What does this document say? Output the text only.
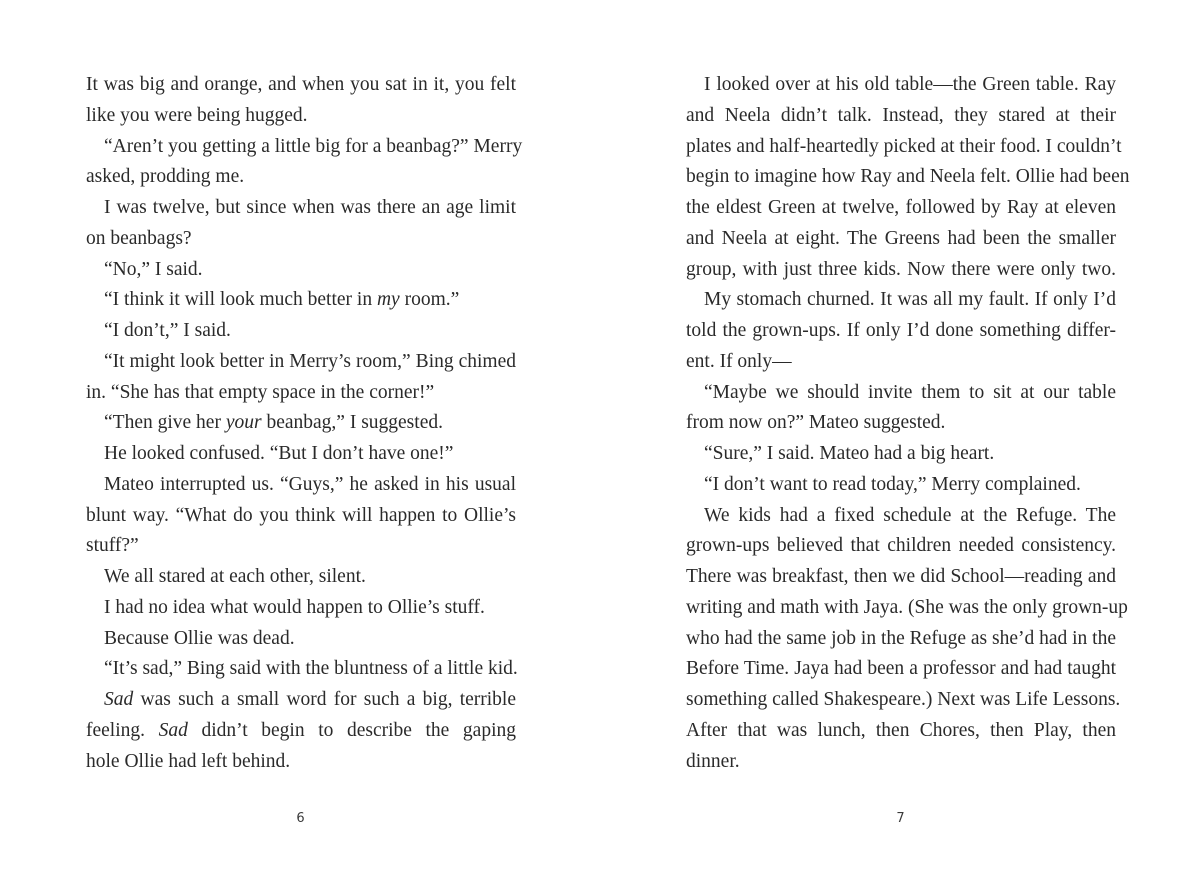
It was big and orange, and when you sat in it, you felt
like you were being hugged.
“Aren’t you getting a little big for a beanbag?” Merry
asked, prodding me.
I was twelve, but since when was there an age limit
on beanbags?
“No,” I said.
“I think it will look much better in my room.”
“I don’t,” I said.
“It might look better in Merry’s room,” Bing chimed
in. “She has that empty space in the corner!”
“Then give her your beanbag,” I suggested.
He looked confused. “But I don’t have one!”
Mateo interrupted us. “Guys,” he asked in his usual
blunt way. “What do you think will happen to Ollie’s
stuff?”
We all stared at each other, silent.
I had no idea what would happen to Ollie’s stuff.
Because Ollie was dead.
“It’s sad,” Bing said with the bluntness of a little kid.
Sad was such a small word for such a big, terrible
feeling. Sad didn’t begin to describe the gaping
hole Ollie had left behind.
I looked over at his old table—the Green table. Ray
and Neela didn’t talk. Instead, they stared at their
plates and half-heartedly picked at their food. I couldn’t
begin to imagine how Ray and Neela felt. Ollie had been
the eldest Green at twelve, followed by Ray at eleven
and Neela at eight. The Greens had been the smaller
group, with just three kids. Now there were only two.
My stomach churned. It was all my fault. If only I’d
told the grown-ups. If only I’d done something differ-
ent. If only—
“Maybe we should invite them to sit at our table
from now on?” Mateo suggested.
“Sure,” I said. Mateo had a big heart.
“I don’t want to read today,” Merry complained.
We kids had a fixed schedule at the Refuge. The
grown-ups believed that children needed consistency.
There was breakfast, then we did School—reading and
writing and math with Jaya. (She was the only grown-up
who had the same job in the Refuge as she’d had in the
Before Time. Jaya had been a professor and had taught
something called Shakespeare.) Next was Life Lessons.
After that was lunch, then Chores, then Play, then
dinner.
6	7
